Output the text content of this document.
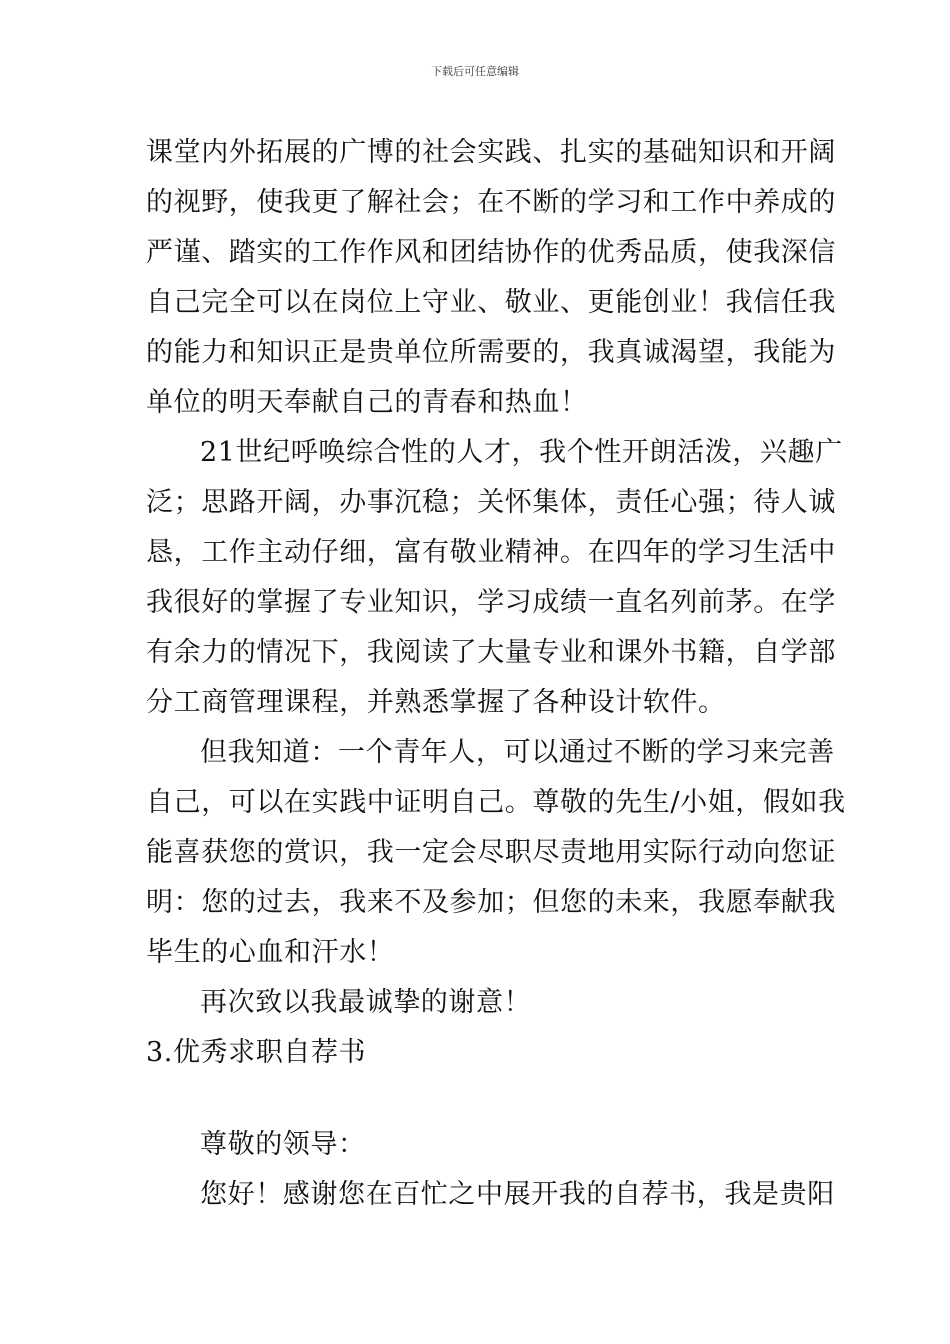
下载后可任意编辑
课堂内外拓展的广博的社会实践、扎实的基础知识和开阔
的视野，使我更了解社会；在不断的学习和工作中养成的
严谨、踏实的工作作风和团结协作的优秀品质，使我深信
自己完全可以在岗位上守业、敬业、更能创业！我信任我
的能力和知识正是贵单位所需要的，我真诚渴望，我能为
单位的明天奉献自己的青春和热血！
21世纪呼唤综合性的人才，我个性开朗活泼，兴趣广
泛；思路开阔，办事沉稳；关怀集体，责任心强；待人诚
恳，工作主动仔细，富有敬业精神。在四年的学习生活中
我很好的掌握了专业知识，学习成绩一直名列前茅。在学
有余力的情况下，我阅读了大量专业和课外书籍，自学部
分工商管理课程，并熟悉掌握了各种设计软件。
但我知道：一个青年人，可以通过不断的学习来完善
自己，可以在实践中证明自己。尊敬的先生/小姐，假如我
能喜获您的赏识，我一定会尽职尽责地用实际行动向您证
明：您的过去，我来不及参加；但您的未来，我愿奉献我
毕生的心血和汗水！
再次致以我最诚挚的谢意！
3.优秀求职自荐书
尊敬的领导：
您好！感谢您在百忙之中展开我的自荐书，我是贵阳
